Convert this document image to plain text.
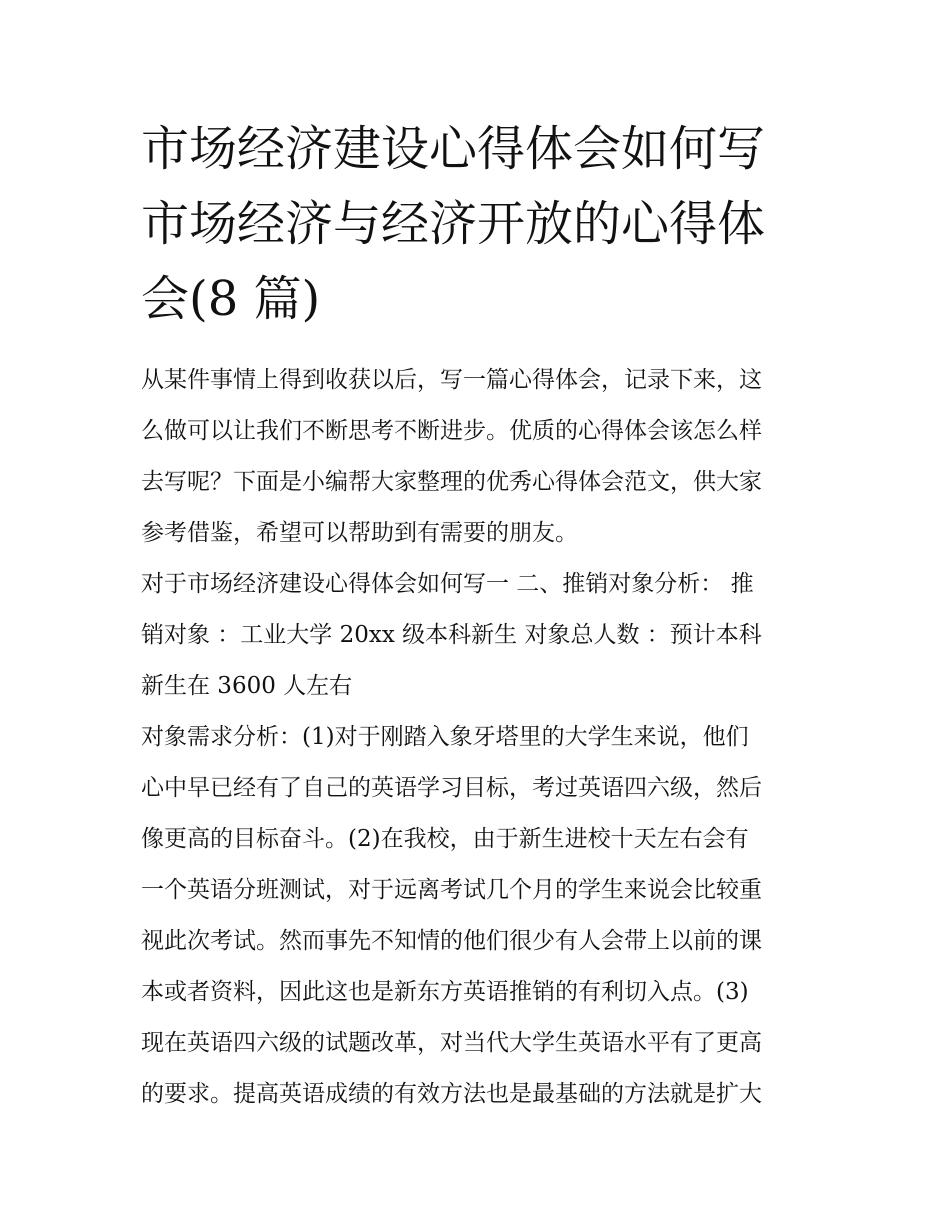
市场经济建设心得体会如何写
市场经济与经济开放的心得体
会(8 篇)

从某件事情上得到收获以后，写一篇心得体会，记录下来，这
么做可以让我们不断思考不断进步。优质的心得体会该怎么样
去写呢？下面是小编帮大家整理的优秀心得体会范文，供大家
参考借鉴，希望可以帮助到有需要的朋友。

对于市场经济建设心得体会如何写一 二、推销对象分析： 推
销对象 ：工业大学 20xx 级本科新生 对象总人数 ：预计本科
新生在 3600 人左右

对象需求分析：(1)对于刚踏入象牙塔里的大学生来说，他们
心中早已经有了自己的英语学习目标，考过英语四六级，然后
像更高的目标奋斗。(2)在我校，由于新生进校十天左右会有
一个英语分班测试，对于远离考试几个月的学生来说会比较重
视此次考试。然而事先不知情的他们很少有人会带上以前的课
本或者资料，因此这也是新东方英语推销的有利切入点。(3)
现在英语四六级的试题改革，对当代大学生英语水平有了更高
的要求。提高英语成绩的有效方法也是最基础的方法就是扩大
